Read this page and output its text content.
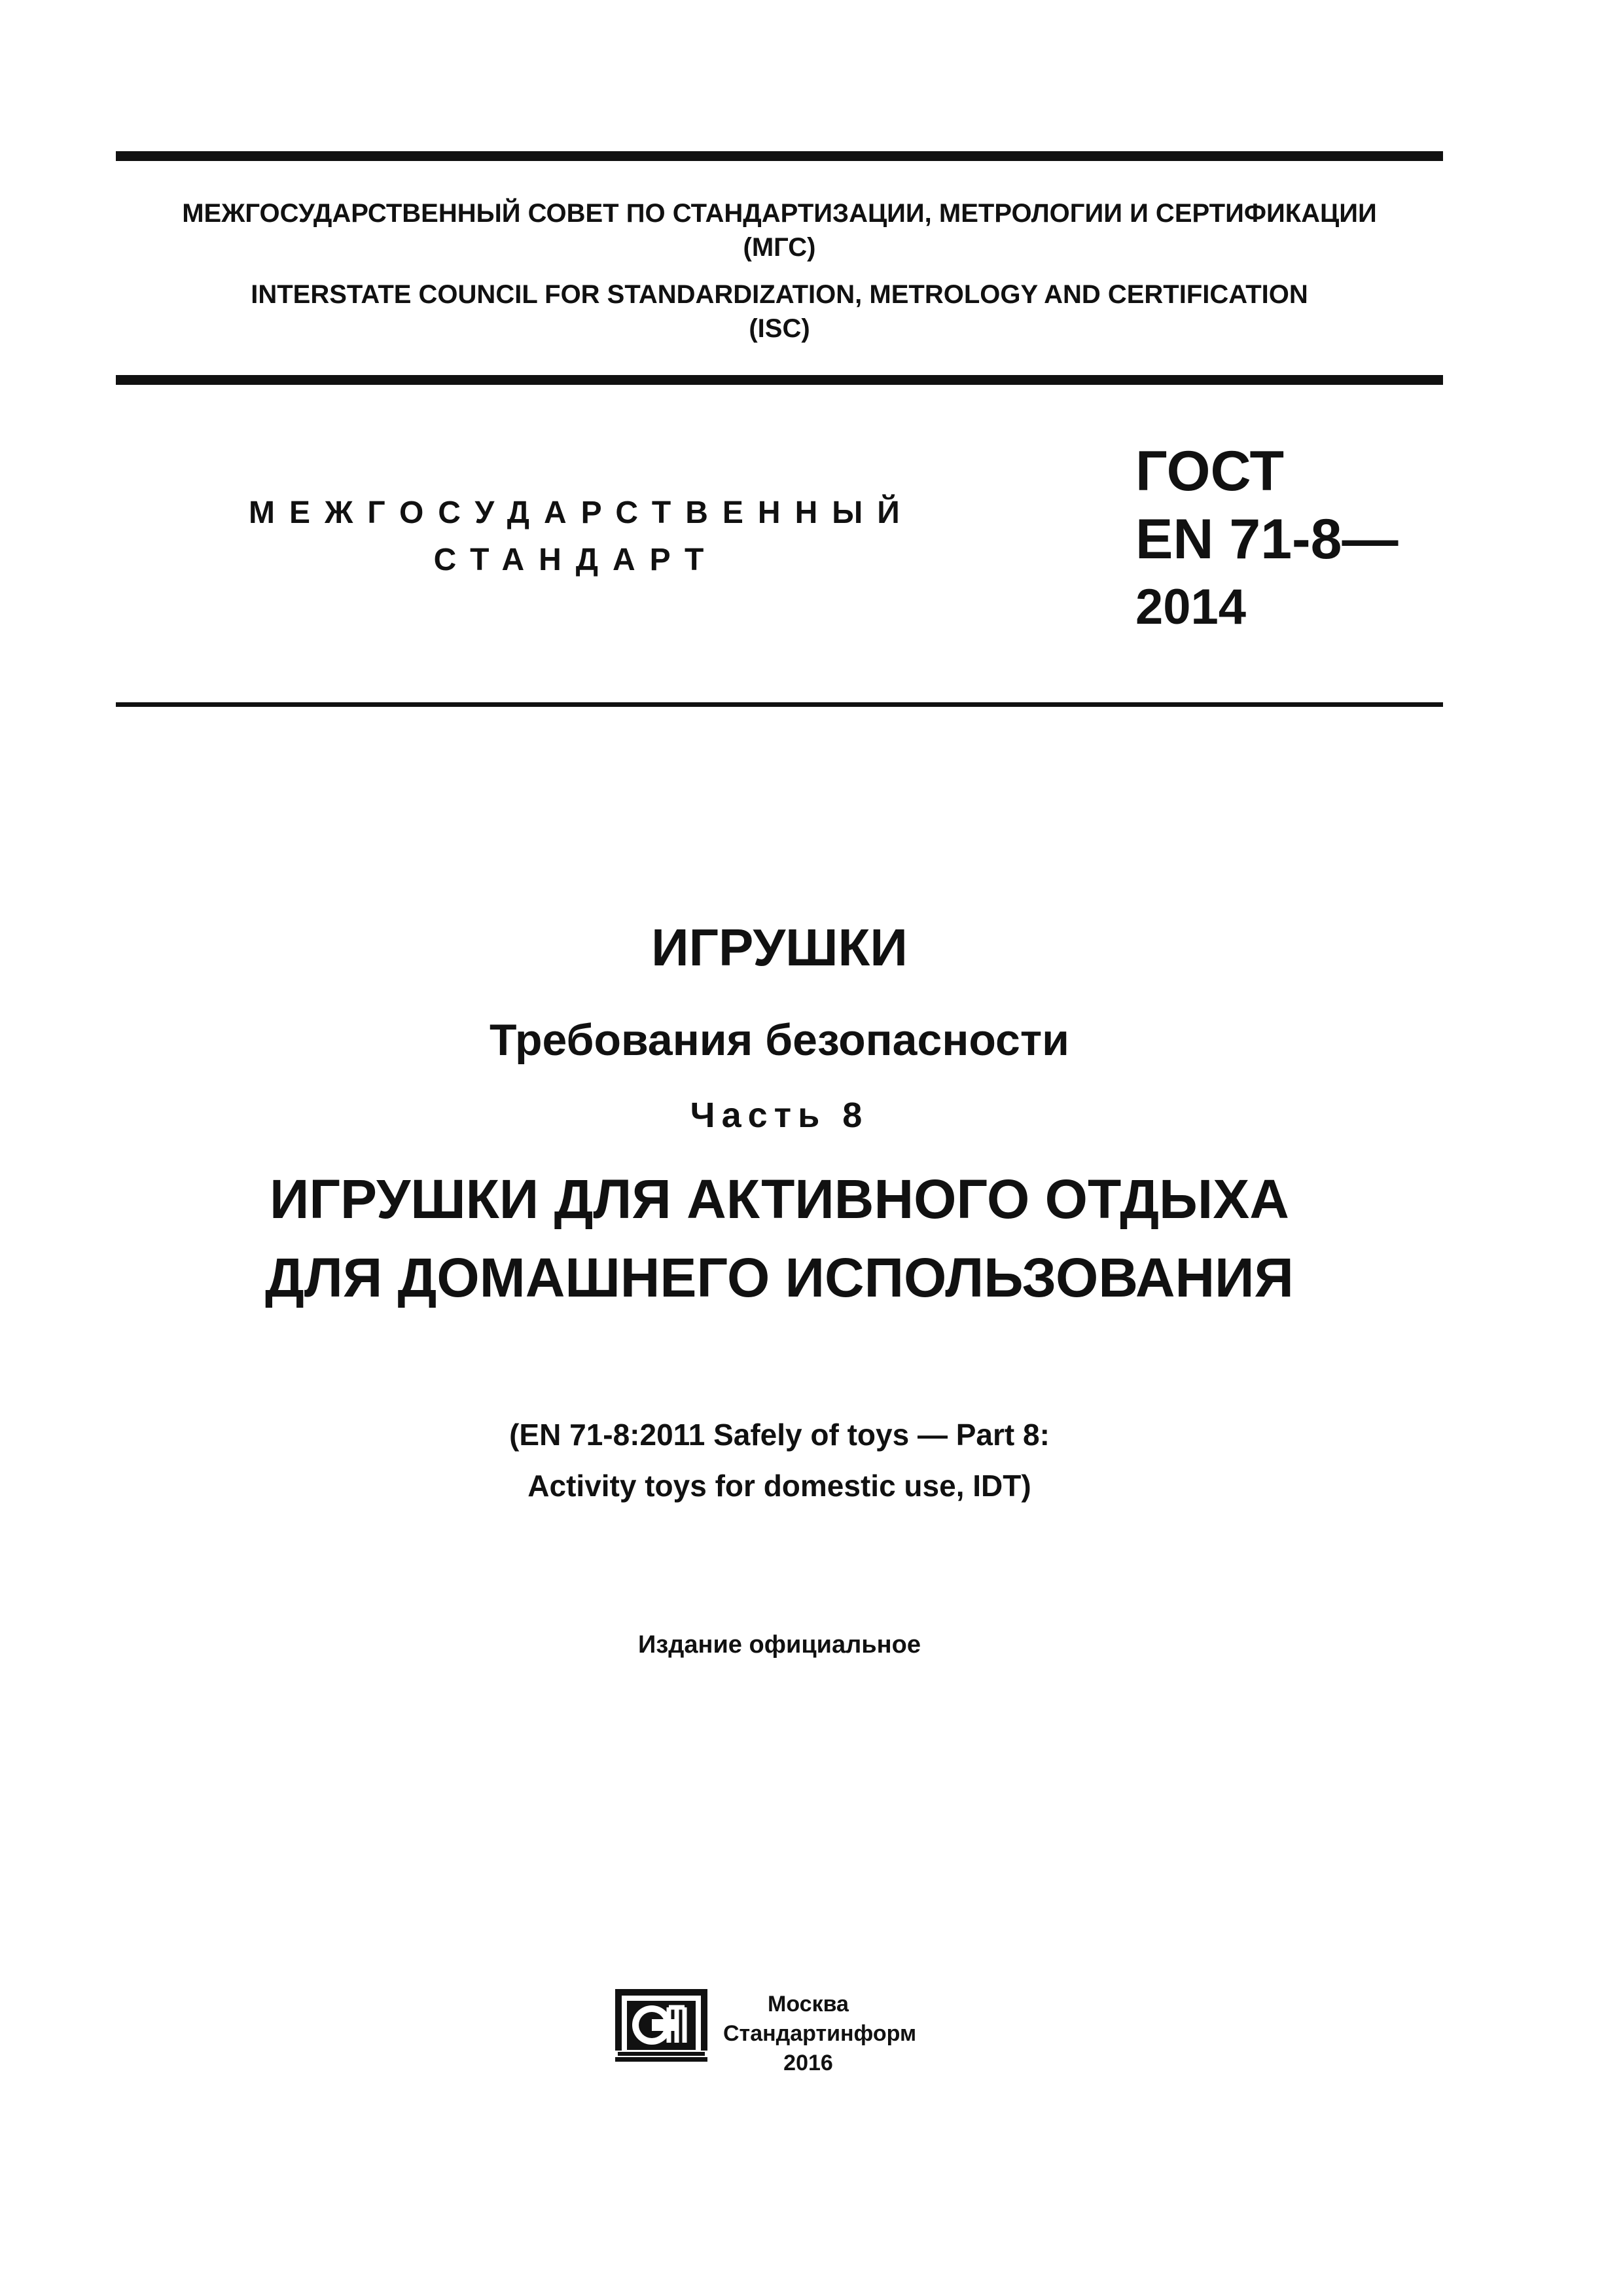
МЕЖГОСУДАРСТВЕННЫЙ СОВЕТ ПО СТАНДАРТИЗАЦИИ, МЕТРОЛОГИИ И СЕРТИФИКАЦИИ
(МГС)
INTERSTATE COUNCIL FOR STANDARDIZATION, METROLOGY AND CERTIFICATION
(ISC)
МЕЖГОСУДАРСТВЕННЫЙ
СТАНДАРТ
ГОСТ
EN 71-8—
2014
ИГРУШКИ
Требования безопасности
Часть 8
ИГРУШКИ ДЛЯ АКТИВНОГО ОТДЫХА
ДЛЯ ДОМАШНЕГО ИСПОЛЬЗОВАНИЯ
(EN 71-8:2011 Safely of toys — Part 8:
Activity toys for domestic use, IDT)
Издание официальное
Москва
Стандартинформ
2016
